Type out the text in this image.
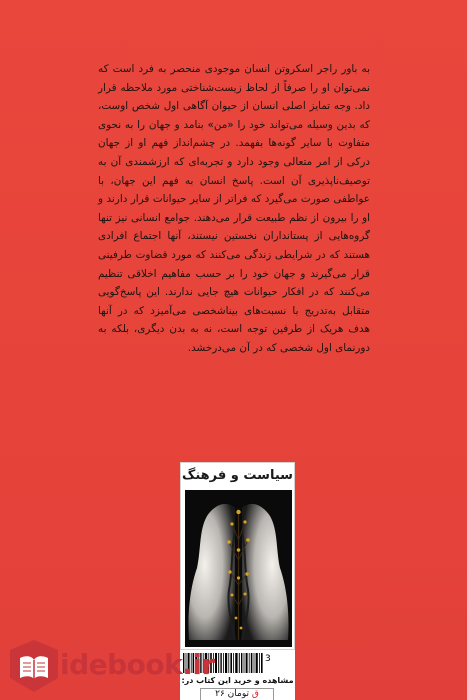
به باور راجر اسکروتن انسان موجودی منحصر به فرد است که نمی‌توان او را صرفاً از لحاظ زیست‌شناختی مورد ملاحظه قرار داد. وجه تمایز اصلی انسان از حیوان آگاهی اول شخص اوست، که بدین وسیله می‌تواند خود را «من» بنامد و جهان را به نحوی متفاوت با سایر گونه‌ها بفهمد. در چشم‌انداز فهم او از جهان درکی از امر متعالی وجود دارد و تجربه‌ای که ارزشمندی آن به توصیف‌ناپذیری آن است. پاسخ انسان به فهم این جهان، با عواطفی صورت می‌گیرد که فراتر از سایر حیوانات قرار دارند و او را بیرون از نظم طبیعت قرار می‌دهند. جوامع انسانی نیز تنها گروه‌هایی از پستانداران نخستین نیستند، آنها اجتماع افرادی هستند که در شرایطی زندگی می‌کنند که مورد قضاوت طرفینی قرار می‌گیرند و جهان خود را بر حسب مفاهیم اخلاقی تنظیم می‌کنند که در افکار حیوانات هیچ جایی ندارند. این پاسخ‌گویی متقابل به‌تدریج با نسبت‌های بیناشخصی می‌آمیزد که در آنها هدف هریک از طرفین توجه است، نه به بدن دیگری، بلکه به دورنمای اول شخصی که در آن می‌درخشد.

سیاست و فرهنگ
3
مشاهده و خرید این کتاب در:
ق تومان ۲۶
idebook.ir
